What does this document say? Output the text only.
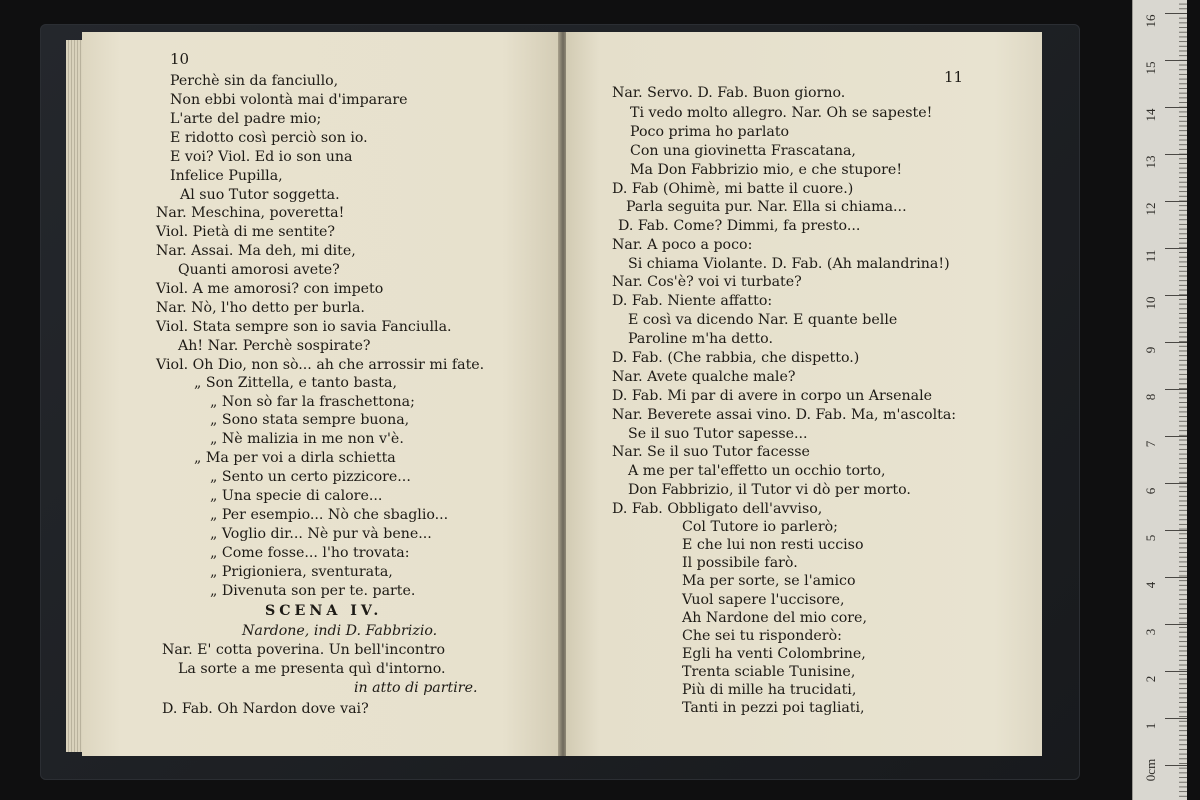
10
Perchè sin da fanciullo,
Non ebbi volontà mai d'imparare
L'arte del padre mio;
E ridotto così perciò son io.
E voi? Viol. Ed io son una
Infelice Pupilla,
Al suo Tutor soggetta.
Nar. Meschina, poveretta!
Viol. Pietà di me sentite?
Nar. Assai. Ma deh, mi dite,
Quanti amorosi avete?
Viol. A me amorosi? con impeto
Nar. Nò, l'ho detto per burla.
Viol. Stata sempre son io savia Fanciulla.
Ah! Nar. Perchè sospirate?
Viol. Oh Dio, non sò... ah che arrossir mi fate.
„ Son Zittella, e tanto basta,
„ Non sò far la fraschettona;
„ Sono stata sempre buona,
„ Nè malizia in me non v'è.
„ Ma per voi a dirla schietta
„ Sento un certo pizzicore...
„ Una specie di calore...
„ Per esempio... Nò che sbaglio...
„ Voglio dir... Nè pur và bene...
„ Come fosse... l'ho trovata:
„ Prigioniera, sventurata,
„ Divenuta son per te. parte.
SCENA IV.
Nardone, indi D. Fabbrizio.
Nar. E' cotta poverina. Un bell'incontro
La sorte a me presenta quì d'intorno.
in atto di partire.
D. Fab. Oh Nardon dove vai?
11
Nar. Servo. D. Fab. Buon giorno.
Ti vedo molto allegro. Nar. Oh se sapeste!
Poco prima ho parlato
Con una giovinetta Frascatana,
Ma Don Fabbrizio mio, e che stupore!
D. Fab (Ohimè, mi batte il cuore.)
Parla seguita pur. Nar. Ella si chiama...
D. Fab. Come? Dimmi, fa presto...
Nar. A poco a poco:
Si chiama Violante. D. Fab. (Ah malandrina!)
Nar. Cos'è? voi vi turbate?
D. Fab. Niente affatto:
E così va dicendo Nar. E quante belle
Paroline m'ha detto.
D. Fab. (Che rabbia, che dispetto.)
Nar. Avete qualche male?
D. Fab. Mi par di avere in corpo un Arsenale
Nar. Beverete assai vino. D. Fab. Ma, m'ascolta:
Se il suo Tutor sapesse...
Nar. Se il suo Tutor facesse
A me per tal'effetto un occhio torto,
Don Fabbrizio, il Tutor vi dò per morto.
D. Fab. Obbligato dell'avviso,
Col Tutore io parlerò;
E che lui non resti ucciso
Il possibile farò.
Ma per sorte, se l'amico
Vuol sapere l'uccisore,
Ah Nardone del mio core,
Che sei tu risponderò:
Egli ha venti Colombrine,
Trenta sciable Tunisine,
Più di mille ha trucidati,
Tanti in pezzi poi tagliati,
0cm
1
2
3
4
5
6
7
8
9
10
11
12
13
14
15
16
